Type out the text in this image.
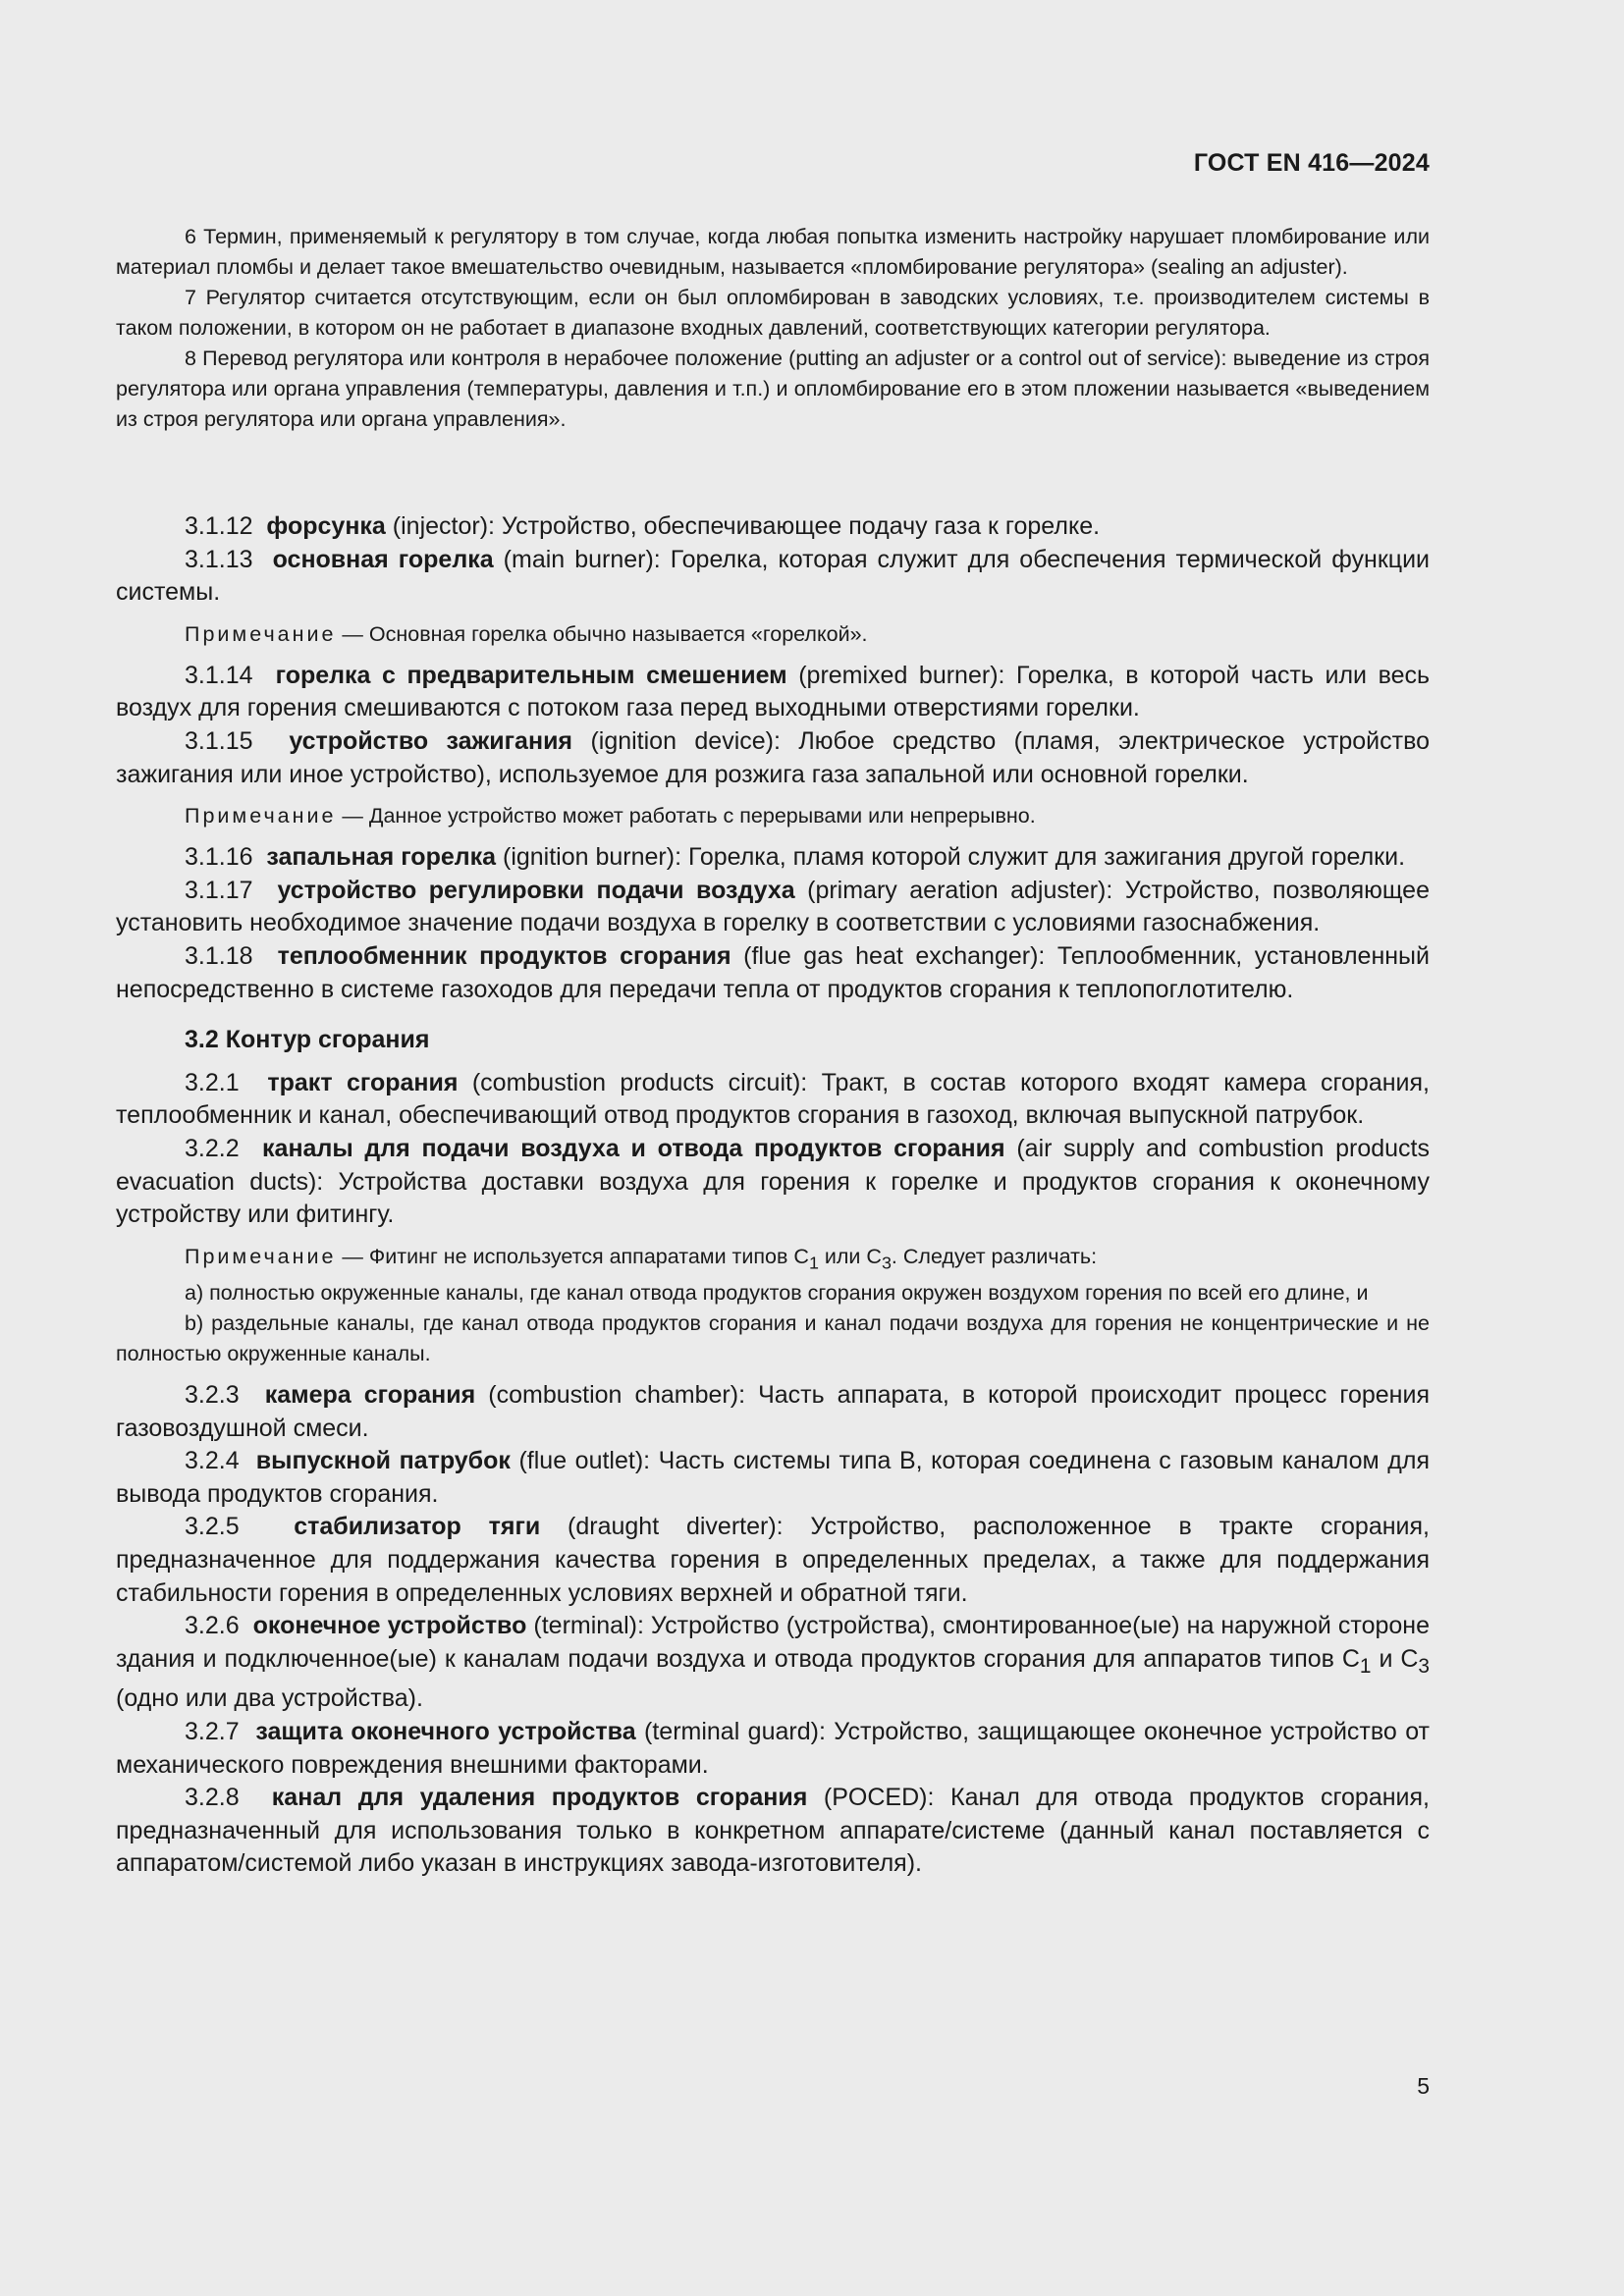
ГОСТ EN 416—2024

6 Термин, применяемый к регулятору в том случае, когда любая попытка изменить настройку нарушает пломбирование или материал пломбы и делает такое вмешательство очевидным, называется «пломбирование регулятора» (sealing an adjuster).

7 Регулятор считается отсутствующим, если он был опломбирован в заводских условиях, т.е. производителем системы в таком положении, в котором он не работает в диапазоне входных давлений, соответствующих категории регулятора.

8 Перевод регулятора или контроля в нерабочее положение (putting an adjuster or a control out of service): выведение из строя регулятора или органа управления (температуры, давления и т.п.) и опломбирование его в этом пложении называется «выведением из строя регулятора или органа управления».

3.1.12 форсунка (injector): Устройство, обеспечивающее подачу газа к горелке.

3.1.13 основная горелка (main burner): Горелка, которая служит для обеспечения термической функции системы.

Примечание — Основная горелка обычно называется «горелкой».

3.1.14 горелка с предварительным смешением (premixed burner): Горелка, в которой часть или весь воздух для горения смешиваются с потоком газа перед выходными отверстиями горелки.

3.1.15 устройство зажигания (ignition device): Любое средство (пламя, электрическое устройство зажигания или иное устройство), используемое для розжига газа запальной или основной горелки.

Примечание — Данное устройство может работать с перерывами или непрерывно.

3.1.16 запальная горелка (ignition burner): Горелка, пламя которой служит для зажигания другой горелки.

3.1.17 устройство регулировки подачи воздуха (primary aeration adjuster): Устройство, позволяющее установить необходимое значение подачи воздуха в горелку в соответствии с условиями газоснабжения.

3.1.18 теплообменник продуктов сгорания (flue gas heat exchanger): Теплообменник, установленный непосредственно в системе газоходов для передачи тепла от продуктов сгорания к теплопоглотителю.

3.2 Контур сгорания

3.2.1 тракт сгорания (combustion products circuit): Тракт, в состав которого входят камера сгорания, теплообменник и канал, обеспечивающий отвод продуктов сгорания в газоход, включая выпускной патрубок.

3.2.2 каналы для подачи воздуха и отвода продуктов сгорания (air supply and combustion products evacuation ducts): Устройства доставки воздуха для горения к горелке и продуктов сгорания к оконечному устройству или фитингу.

Примечание — Фитинг не используется аппаратами типов $C_1$ или $C_3$. Следует различать:

a) полностью окруженные каналы, где канал отвода продуктов сгорания окружен воздухом горения по всей его длине, и

b) раздельные каналы, где канал отвода продуктов сгорания и канал подачи воздуха для горения не концентрические и не полностью окруженные каналы.

3.2.3 камера сгорания (combustion chamber): Часть аппарата, в которой происходит процесс горения газовоздушной смеси.

3.2.4 выпускной патрубок (flue outlet): Часть системы типа B, которая соединена с газовым каналом для вывода продуктов сгорания.

3.2.5 стабилизатор тяги (draught diverter): Устройство, расположенное в тракте сгорания, предназначенное для поддержания качества горения в определенных пределах, а также для поддержания стабильности горения в определенных условиях верхней и обратной тяги.

3.2.6 оконечное устройство (terminal): Устройство (устройства), смонтированное(ые) на наружной стороне здания и подключенное(ые) к каналам подачи воздуха и отвода продуктов сгорания для аппаратов типов $C_1$ и $C_3$ (одно или два устройства).

3.2.7 защита оконечного устройства (terminal guard): Устройство, защищающее оконечное устройство от механического повреждения внешними факторами.

3.2.8 канал для удаления продуктов сгорания (POCED): Канал для отвода продуктов сгорания, предназначенный для использования только в конкретном аппарате/системе (данный канал поставляется с аппаратом/системой либо указан в инструкциях завода-изготовителя).

5
